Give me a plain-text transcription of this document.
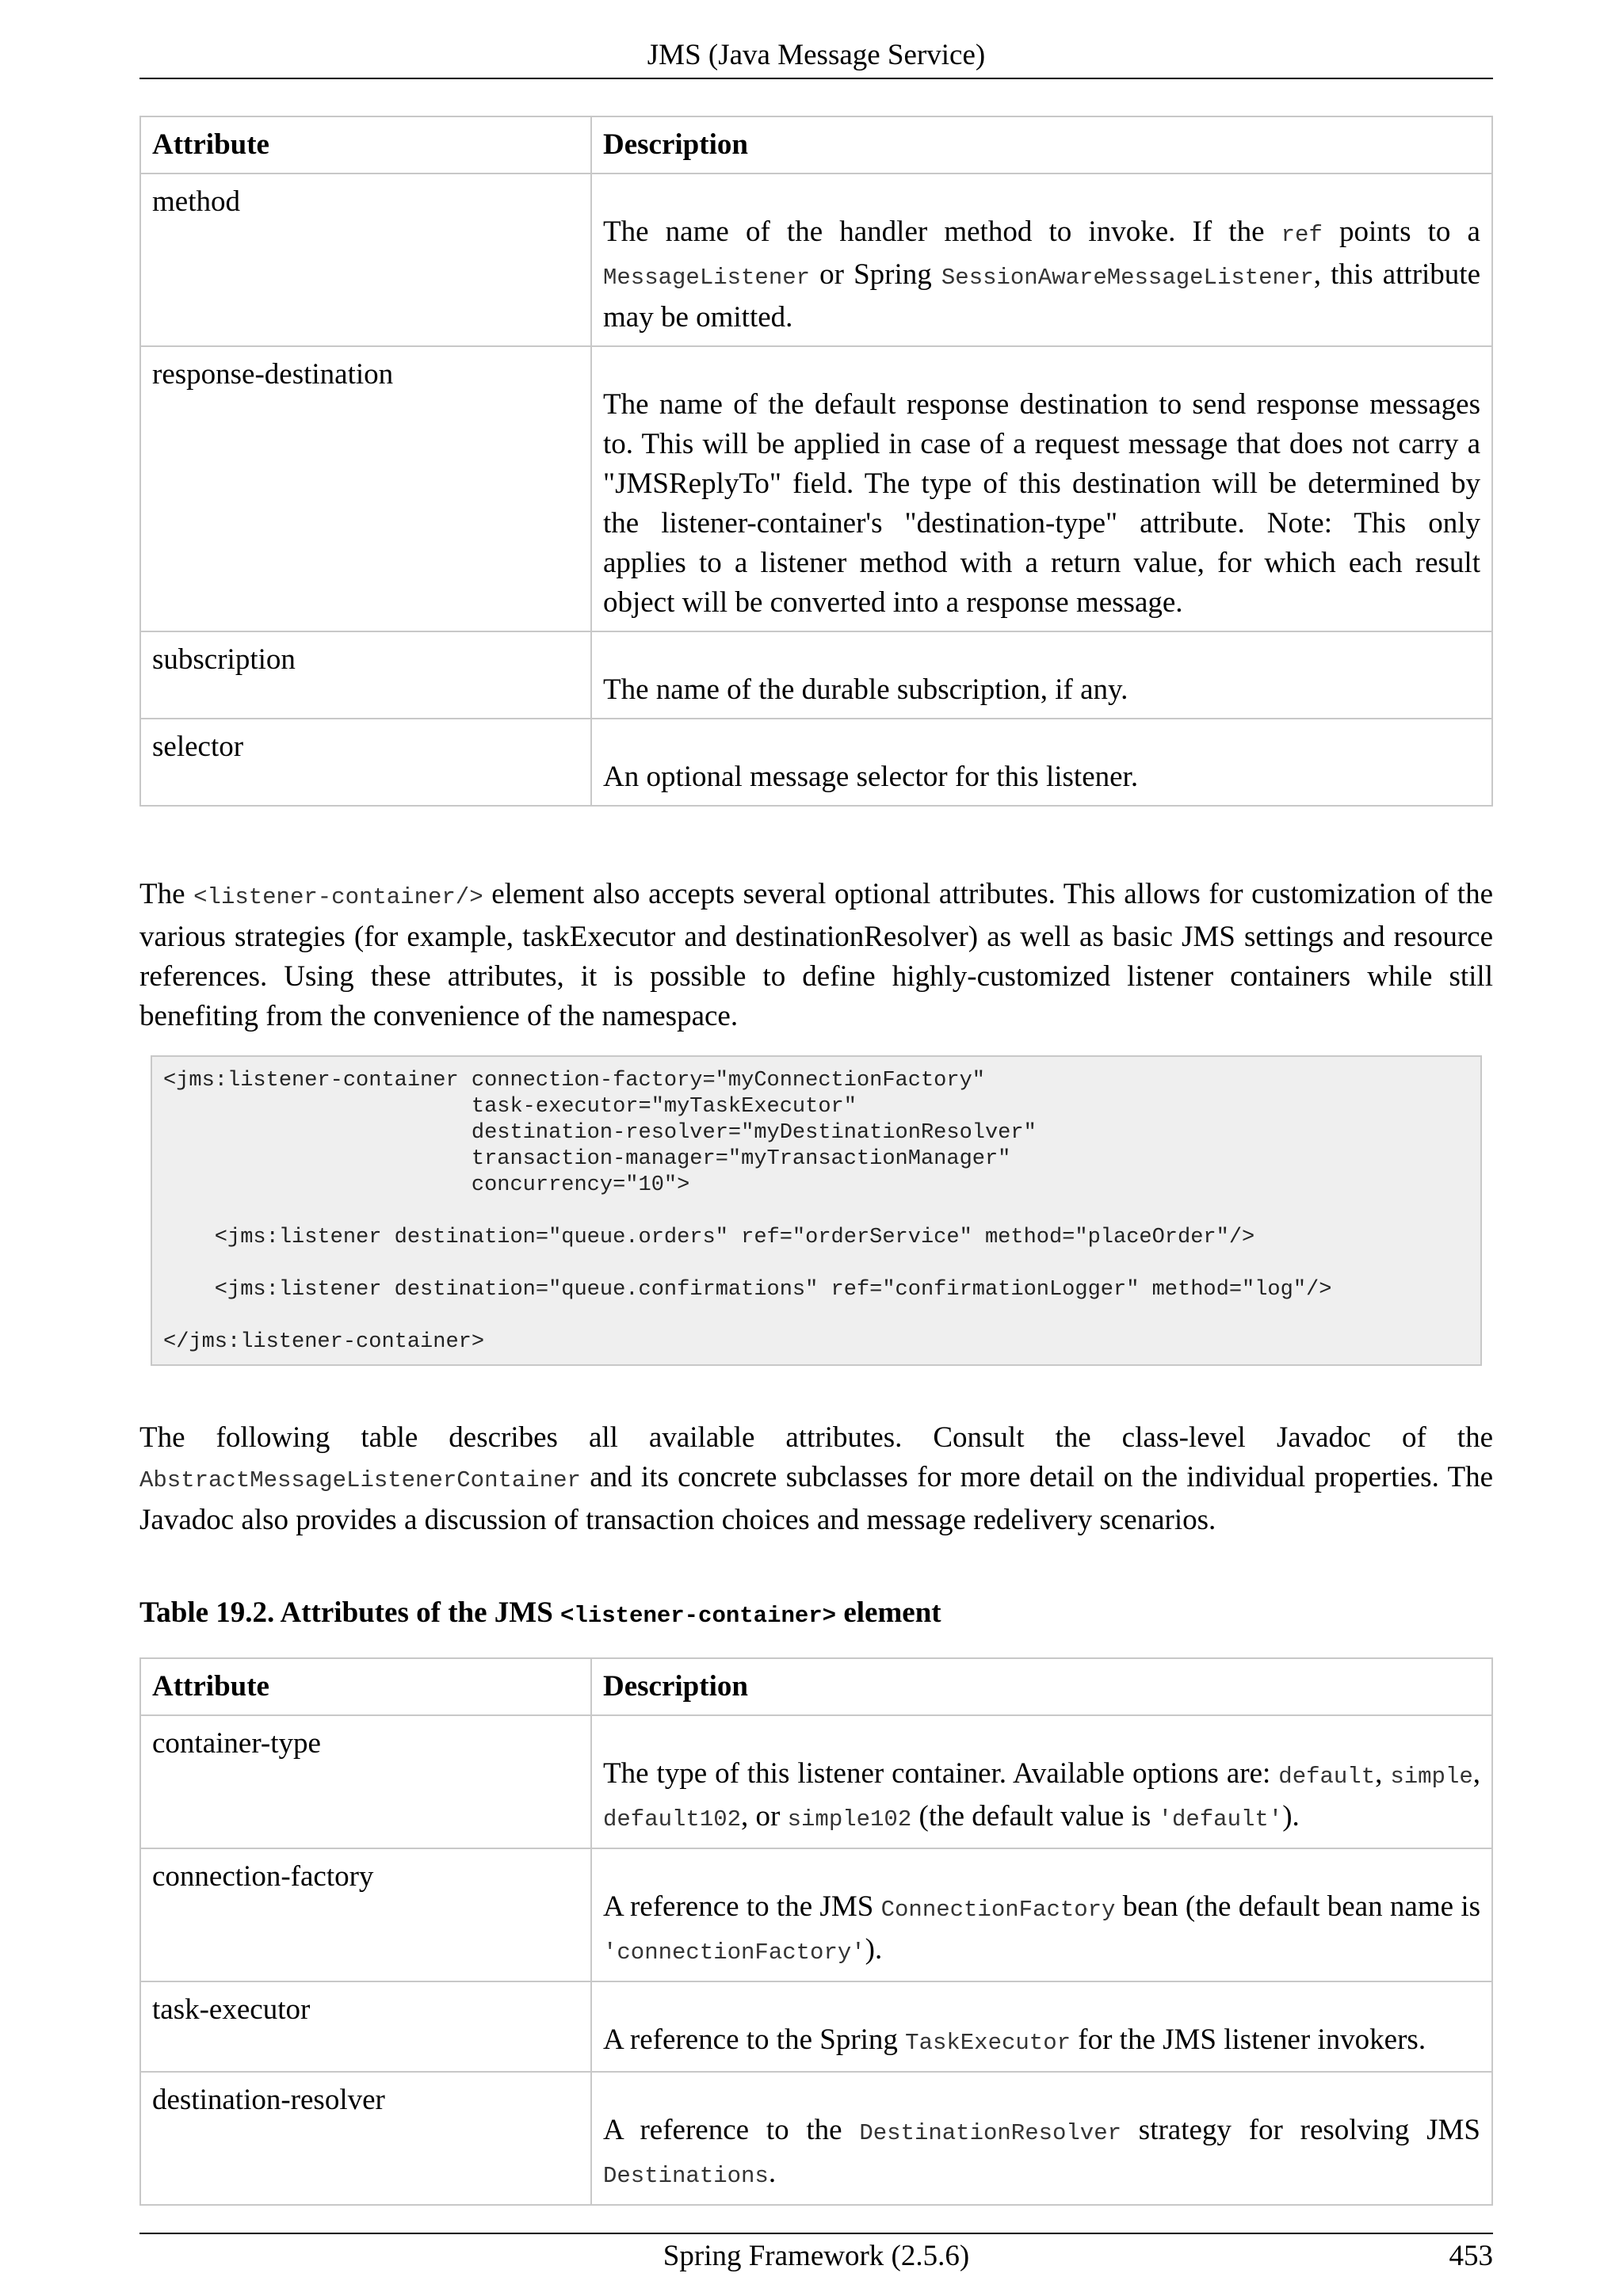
JMS (Java Message Service)
Attribute	Description
method	The name of the handler method to invoke. If the ref points to a MessageListener or Spring SessionAwareMessageListener, this attribute may be omitted.
response-destination	The name of the default response destination to send response messages to. This will be applied in case of a request message that does not carry a "JMSReplyTo" field. The type of this destination will be determined by the listener-container's "destination-type" attribute. Note: This only applies to a listener method with a return value, for which each result object will be converted into a response message.
subscription	The name of the durable subscription, if any.
selector	An optional message selector for this listener.
The <listener-container/> element also accepts several optional attributes. This allows for customization of the various strategies (for example, taskExecutor and destinationResolver) as well as basic JMS settings and resource references. Using these attributes, it is possible to define highly-customized listener containers while still benefiting from the convenience of the namespace.
<jms:listener-container connection-factory="myConnectionFactory"
task-executor="myTaskExecutor"
destination-resolver="myDestinationResolver"
transaction-manager="myTransactionManager"
concurrency="10">

<jms:listener destination="queue.orders" ref="orderService" method="placeOrder"/>

<jms:listener destination="queue.confirmations" ref="confirmationLogger" method="log"/>

</jms:listener-container>
The following table describes all available attributes. Consult the class-level Javadoc of the AbstractMessageListenerContainer and its concrete subclasses for more detail on the individual properties. The Javadoc also provides a discussion of transaction choices and message redelivery scenarios.
Table 19.2. Attributes of the JMS <listener-container> element
Attribute	Description
container-type	The type of this listener container. Available options are: default, simple, default102, or simple102 (the default value is 'default').
connection-factory	A reference to the JMS ConnectionFactory bean (the default bean name is 'connectionFactory').
task-executor	A reference to the Spring TaskExecutor for the JMS listener invokers.
destination-resolver	A reference to the DestinationResolver strategy for resolving JMS Destinations.
Spring Framework (2.5.6)	453
